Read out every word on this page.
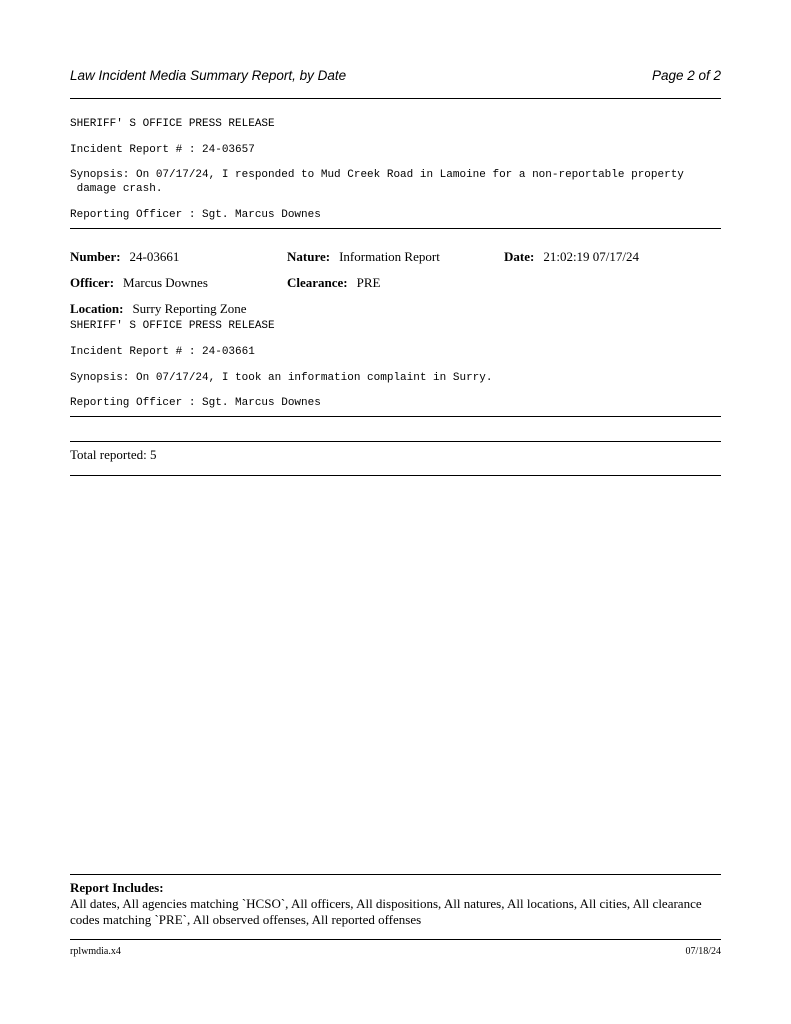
Law Incident Media Summary Report, by Date	Page 2 of 2
SHERIFF' S OFFICE PRESS RELEASE
Incident Report # : 24-03657
Synopsis: On 07/17/24, I responded to Mud Creek Road in Lamoine for a non-reportable property
damage crash.
Reporting Officer : Sgt. Marcus Downes
Number: 24-03661	Nature: Information Report	Date: 21:02:19 07/17/24
Officer: Marcus Downes	Clearance: PRE
Location: Surry Reporting Zone
SHERIFF' S OFFICE PRESS RELEASE
Incident Report # : 24-03661
Synopsis: On 07/17/24, I took an information complaint in Surry.
Reporting Officer : Sgt. Marcus Downes
Total reported: 5
Report Includes:
All dates, All agencies matching `HCSO`, All officers, All dispositions, All natures, All locations, All cities, All clearance codes matching `PRE`, All observed offenses, All reported offenses
rplwmdia.x4	07/18/24
